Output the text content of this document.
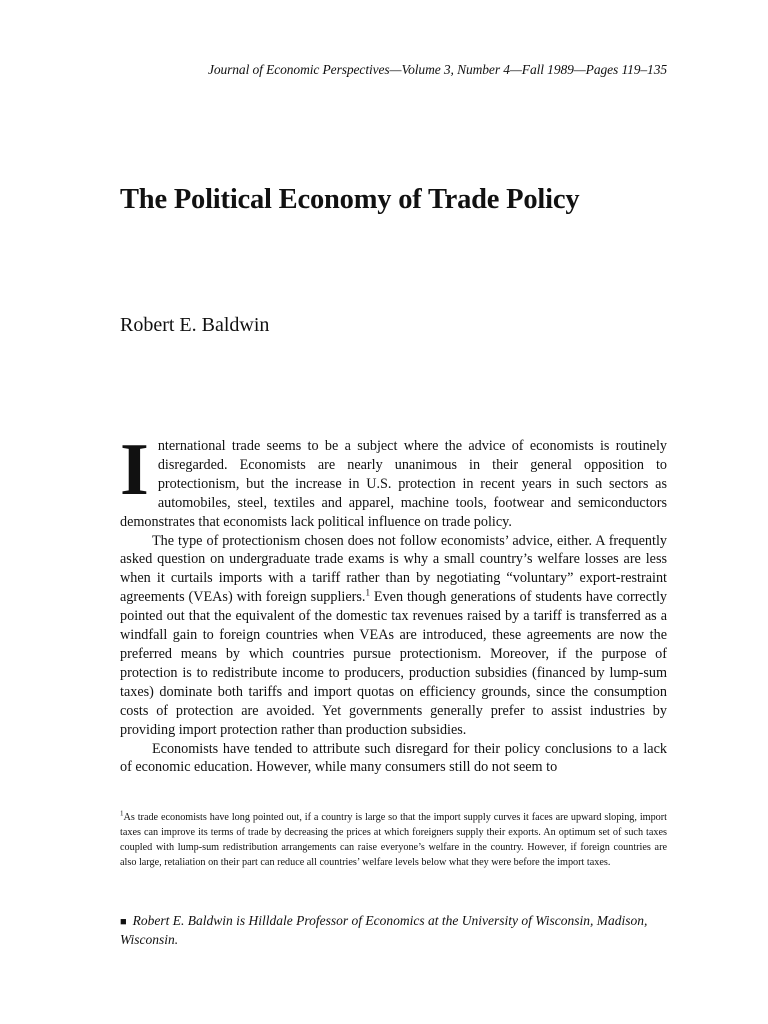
Journal of Economic Perspectives—Volume 3, Number 4—Fall 1989—Pages 119–135
The Political Economy of Trade Policy
Robert E. Baldwin

International trade seems to be a subject where the advice of economists is routinely disregarded. Economists are nearly unanimous in their general opposition to protectionism, but the increase in U.S. protection in recent years in such sectors as automobiles, steel, textiles and apparel, machine tools, footwear and semiconductors demonstrates that economists lack political influence on trade policy.

The type of protectionism chosen does not follow economists’ advice, either. A frequently asked question on undergraduate trade exams is why a small country’s welfare losses are less when it curtails imports with a tariff rather than by negotiating “voluntary” export-restraint agreements (VEAs) with foreign suppliers.$^1$ Even though generations of students have correctly pointed out that the equivalent of the domestic tax revenues raised by a tariff is transferred as a windfall gain to foreign countries when VEAs are introduced, these agreements are now the preferred means by which countries pursue protectionism. Moreover, if the purpose of protection is to redistribute income to producers, production subsidies (financed by lump-sum taxes) dominate both tariffs and import quotas on efficiency grounds, since the consumption costs of protection are avoided. Yet governments generally prefer to assist industries by providing import protection rather than production subsidies.

Economists have tended to attribute such disregard for their policy conclusions to a lack of economic education. However, while many consumers still do not seem to

$^1$As trade economists have long pointed out, if a country is large so that the import supply curves it faces are upward sloping, import taxes can improve its terms of trade by decreasing the prices at which foreigners supply their exports. An optimum set of such taxes coupled with lump-sum redistribution arrangements can raise everyone’s welfare in the country. However, if foreign countries are also large, retaliation on their part can reduce all countries’ welfare levels below what they were before the import taxes.
■ Robert E. Baldwin is Hilldale Professor of Economics at the University of Wisconsin, Madison, Wisconsin.
